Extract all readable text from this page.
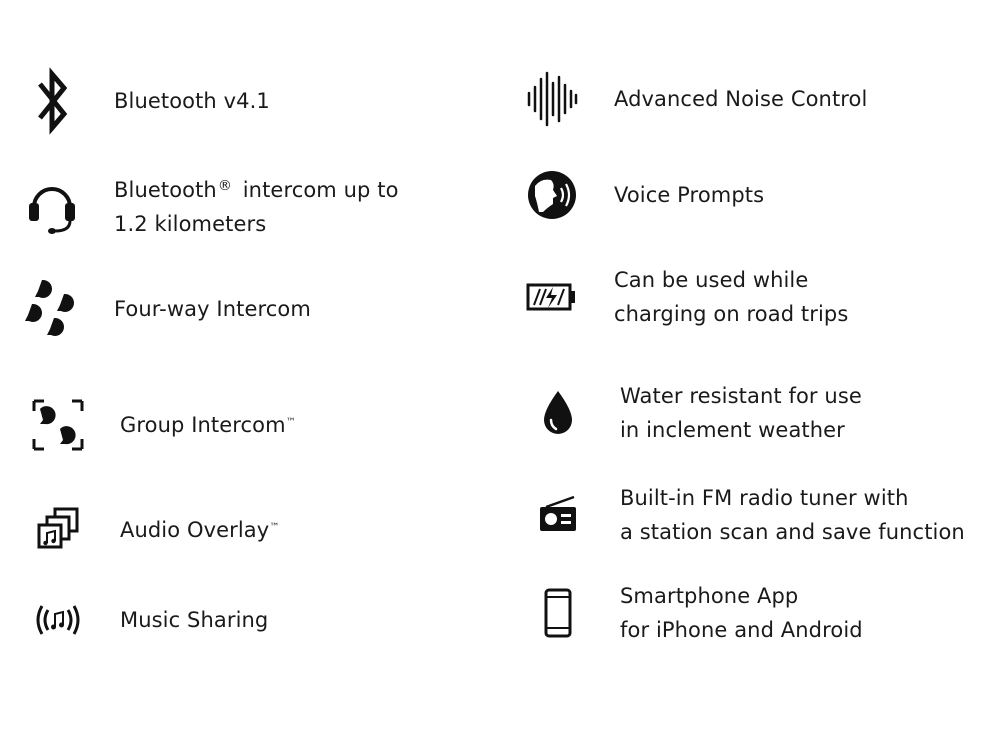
Bluetooth v4.1
Bluetooth® intercom up to
1.2 kilometers
Four-way Intercom
Group Intercom™
Audio Overlay™
Music Sharing
Advanced Noise Control
Voice Prompts
Can be used while
charging on road trips
Water resistant for use
in inclement weather
Built-in FM radio tuner with
a station scan and save function
Smartphone App
for iPhone and Android
